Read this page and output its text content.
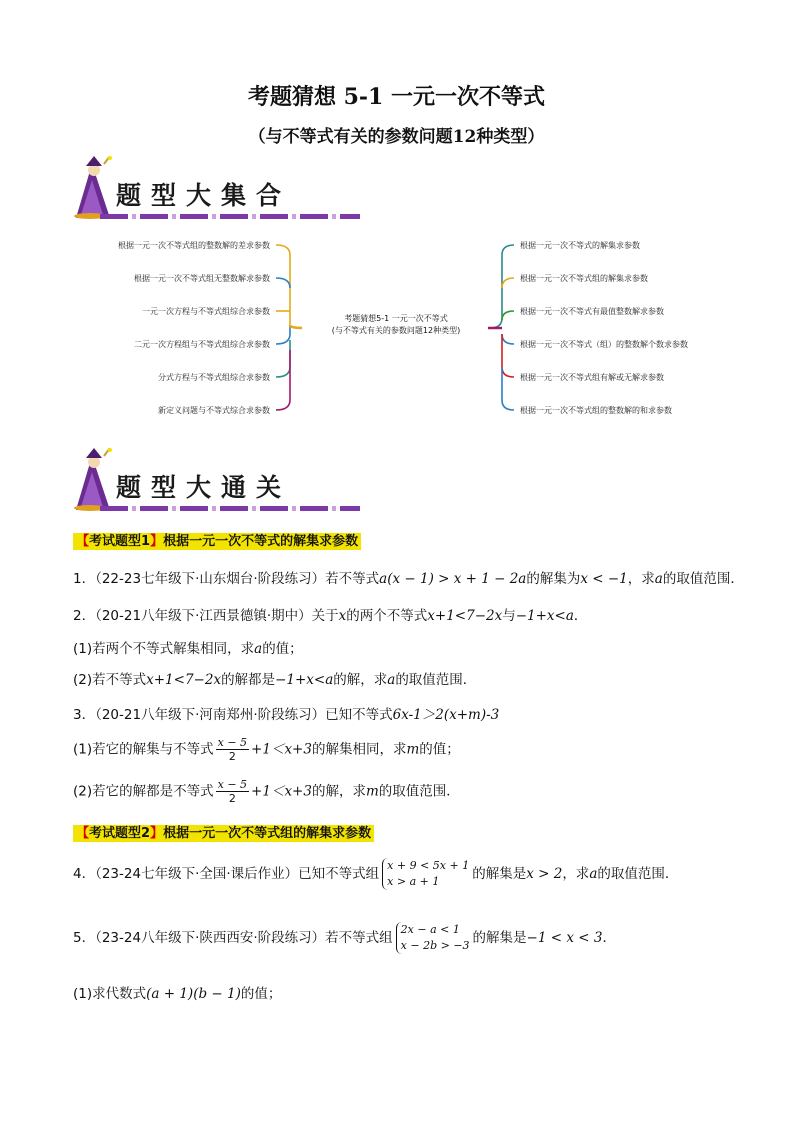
考题猜想 5-1 一元一次不等式
（与不等式有关的参数问题12种类型）
题型大集合
考题猜想5-1 一元一次不等式
(与不等式有关的参数问题12种类型)
根据一元一次不等式组的整数解的差求参数
根据一元一次不等式组无整数解求参数
一元一次方程与不等式组综合求参数
二元一次方程组与不等式组综合求参数
分式方程与不等式组综合求参数
新定义问题与不等式综合求参数
根据一元一次不等式的解集求参数
根据一元一次不等式组的解集求参数
根据一元一次不等式有最值整数解求参数
根据一元一次不等式（组）的整数解个数求参数
根据一元一次不等式组有解或无解求参数
根据一元一次不等式组的整数解的和求参数
题型大通关
【考试题型1】根据一元一次不等式的解集求参数
1．（22-23七年级下·山东烟台·阶段练习）若不等式a(x − 1) > x + 1 − 2a的解集为x < −1，求a的取值范围．
2．（20-21八年级下·江西景德镇·期中）关于x的两个不等式x+1<7−2x与−1+x<a．
(1)若两个不等式解集相同，求a的值；
(2)若不等式x+1<7−2x的解都是−1+x<a的解，求a的取值范围．
3．（20-21八年级下·河南郑州·阶段练习）已知不等式6x-1＞2(x+m)-3
(1)若它的解集与不等式 $\frac{x - 5}{2} +1<x+3$的解集相同，求m的值；
(2)若它的解都是不等式 $\frac{x - 5}{2} +1<x+3$的解，求m的取值范围．
【考试题型2】根据一元一次不等式组的解集求参数
4．（23-24七年级下·全国·课后作业）已知不等式组
x + 9 < 5x + 1
x > a + 1	的解集是x > 2，求a的取值范围．
5．（23-24八年级下·陕西西安·阶段练习）若不等式组
2x − a < 1
x − 2b > −3 的解集是−1 < x < 3．
(1)求代数式(a + 1)(b − 1)的值；
